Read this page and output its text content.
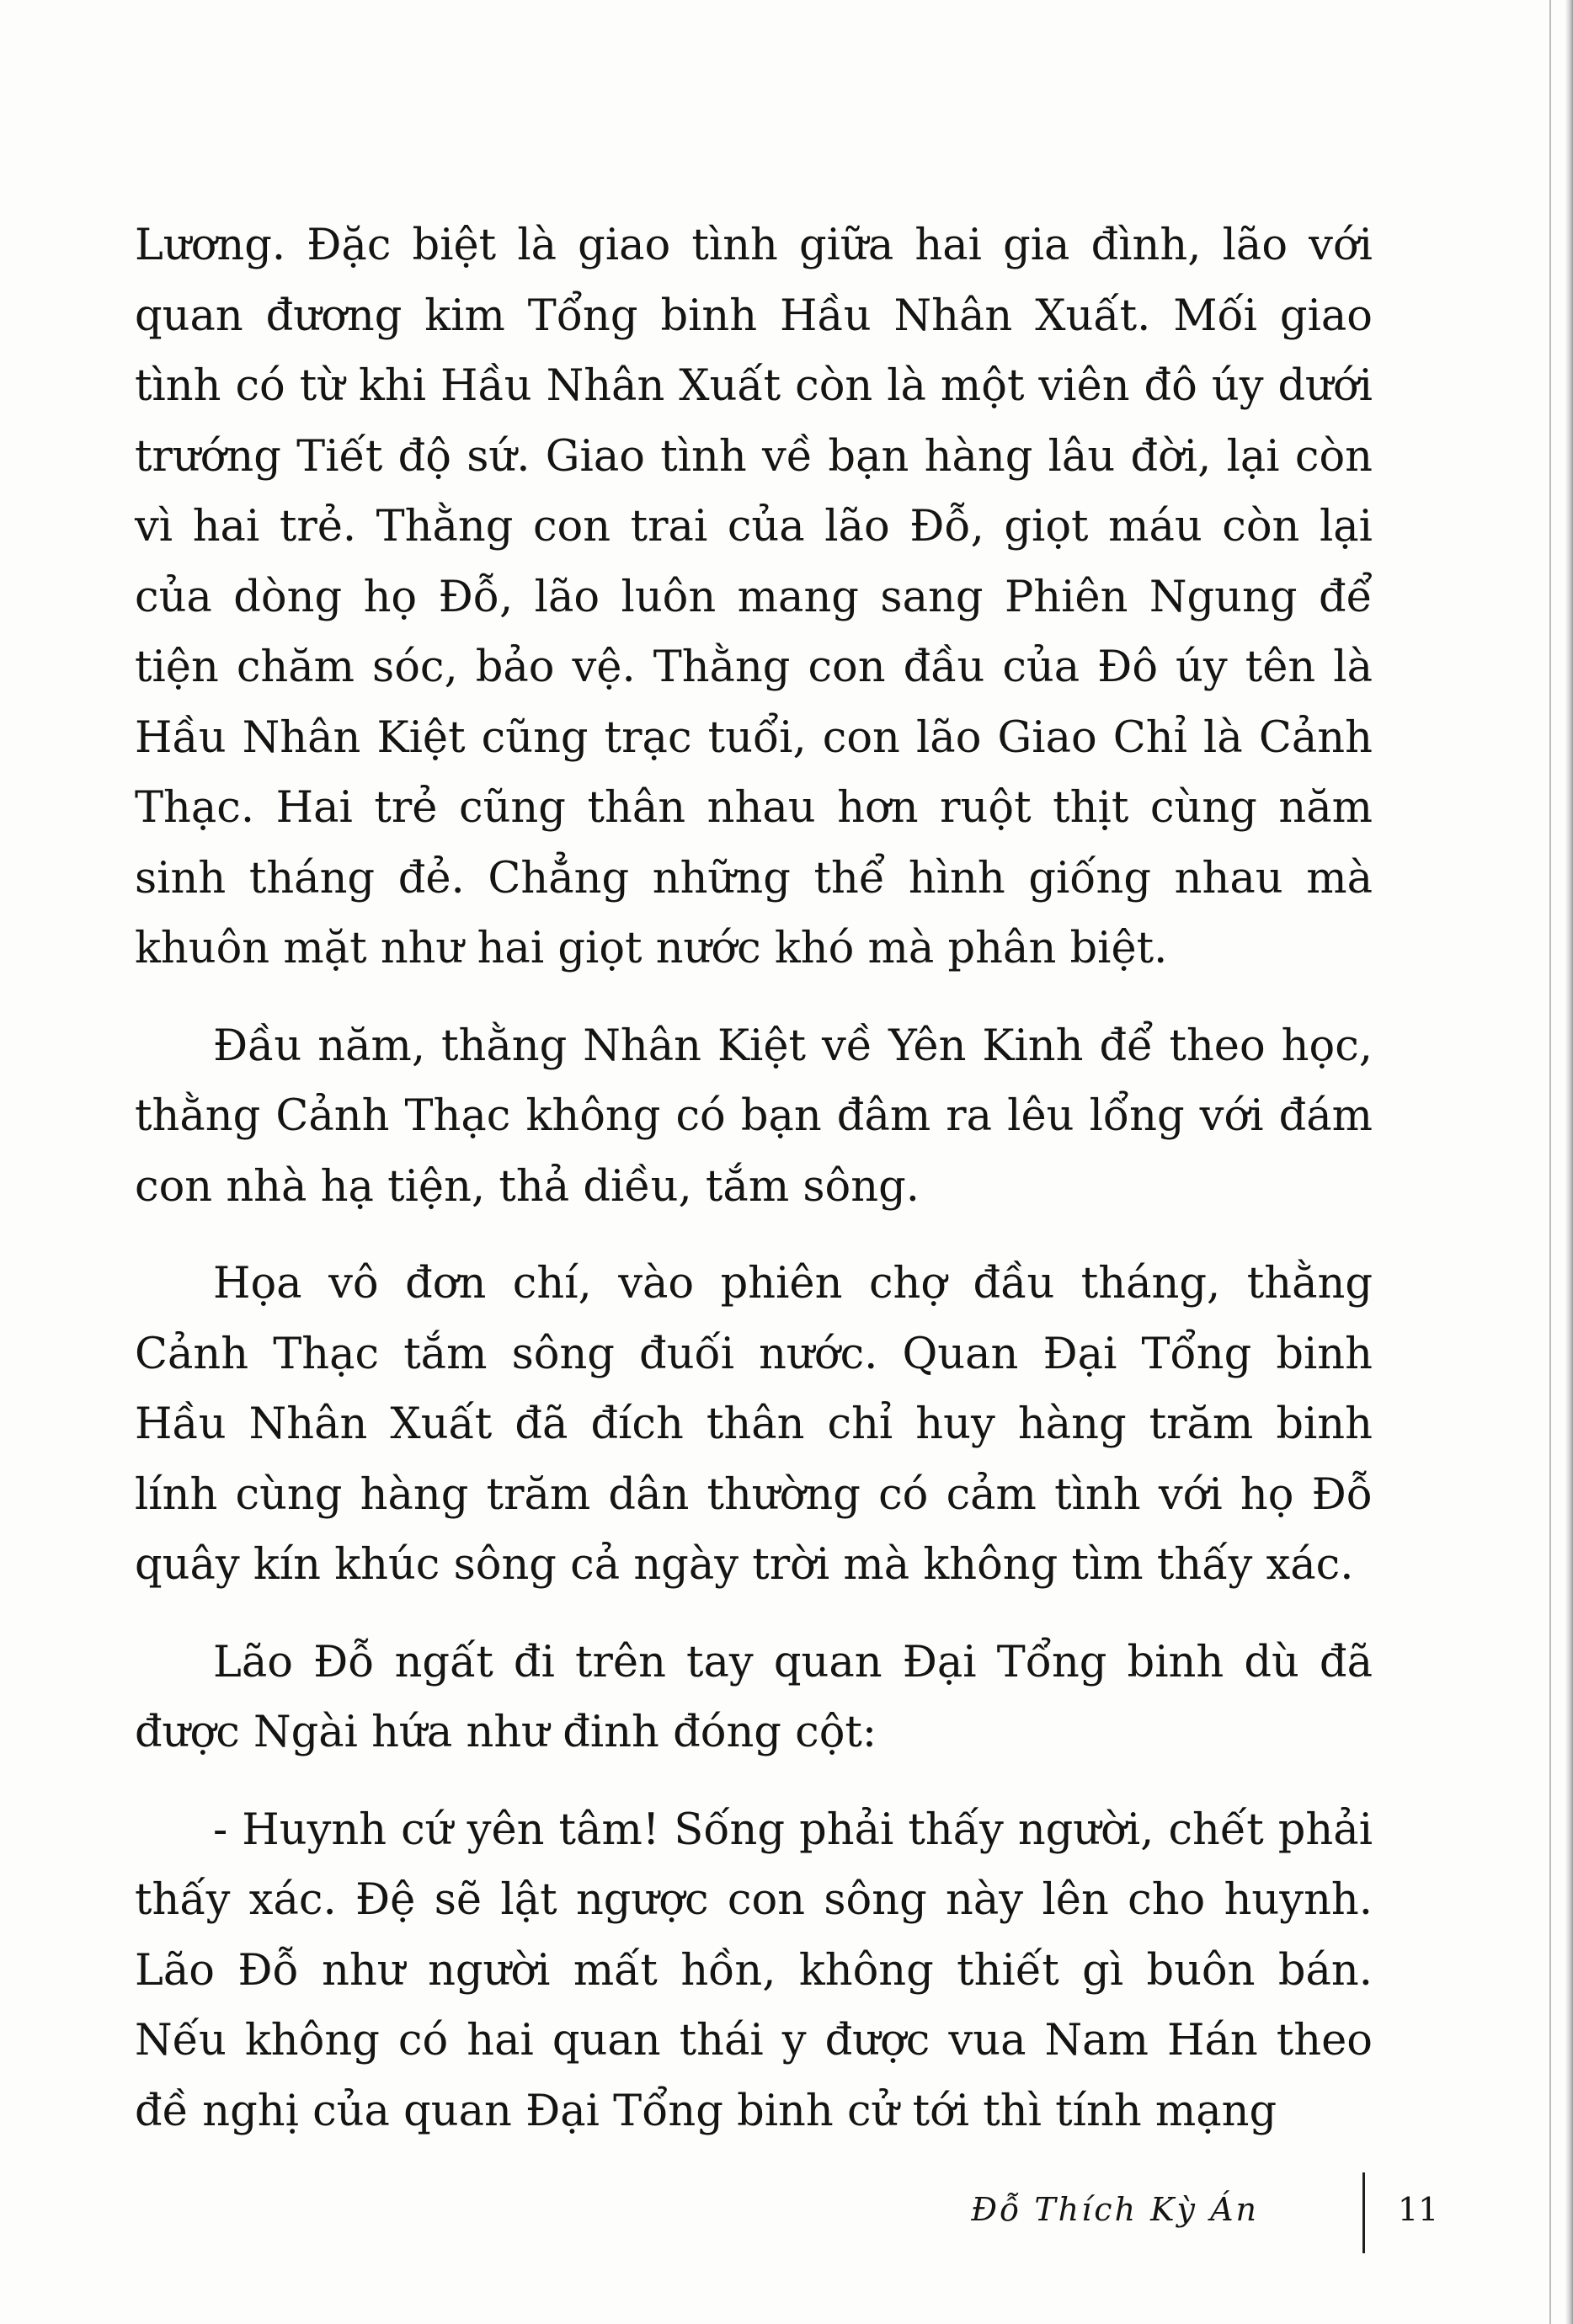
Lương. Đặc biệt là giao tình giữa hai gia đình, lão với quan đương kim Tổng binh Hầu Nhân Xuất. Mối giao tình có từ khi Hầu Nhân Xuất còn là một viên đô úy dưới trướng Tiết độ sứ. Giao tình về bạn hàng lâu đời, lại còn vì hai trẻ. Thằng con trai của lão Đỗ, giọt máu còn lại của dòng họ Đỗ, lão luôn mang sang Phiên Ngung để tiện chăm sóc, bảo vệ. Thằng con đầu của Đô úy tên là Hầu Nhân Kiệt cũng trạc tuổi, con lão Giao Chỉ là Cảnh Thạc. Hai trẻ cũng thân nhau hơn ruột thịt cùng năm sinh tháng đẻ. Chẳng những thể hình giống nhau mà khuôn mặt như hai giọt nước khó mà phân biệt.

Đầu năm, thằng Nhân Kiệt về Yên Kinh để theo học, thằng Cảnh Thạc không có bạn đâm ra lêu lổng với đám con nhà hạ tiện, thả diều, tắm sông.

Họa vô đơn chí, vào phiên chợ đầu tháng, thằng Cảnh Thạc tắm sông đuối nước. Quan Đại Tổng binh Hầu Nhân Xuất đã đích thân chỉ huy hàng trăm binh lính cùng hàng trăm dân thường có cảm tình với họ Đỗ quây kín khúc sông cả ngày trời mà không tìm thấy xác.

Lão Đỗ ngất đi trên tay quan Đại Tổng binh dù đã được Ngài hứa như đinh đóng cột:

- Huynh cứ yên tâm! Sống phải thấy người, chết phải thấy xác. Đệ sẽ lật ngược con sông này lên cho huynh. Lão Đỗ như người mất hồn, không thiết gì buôn bán. Nếu không có hai quan thái y được vua Nam Hán theo đề nghị của quan Đại Tổng binh cử tới thì tính mạng

Đỗ Thích Kỳ Án	11
